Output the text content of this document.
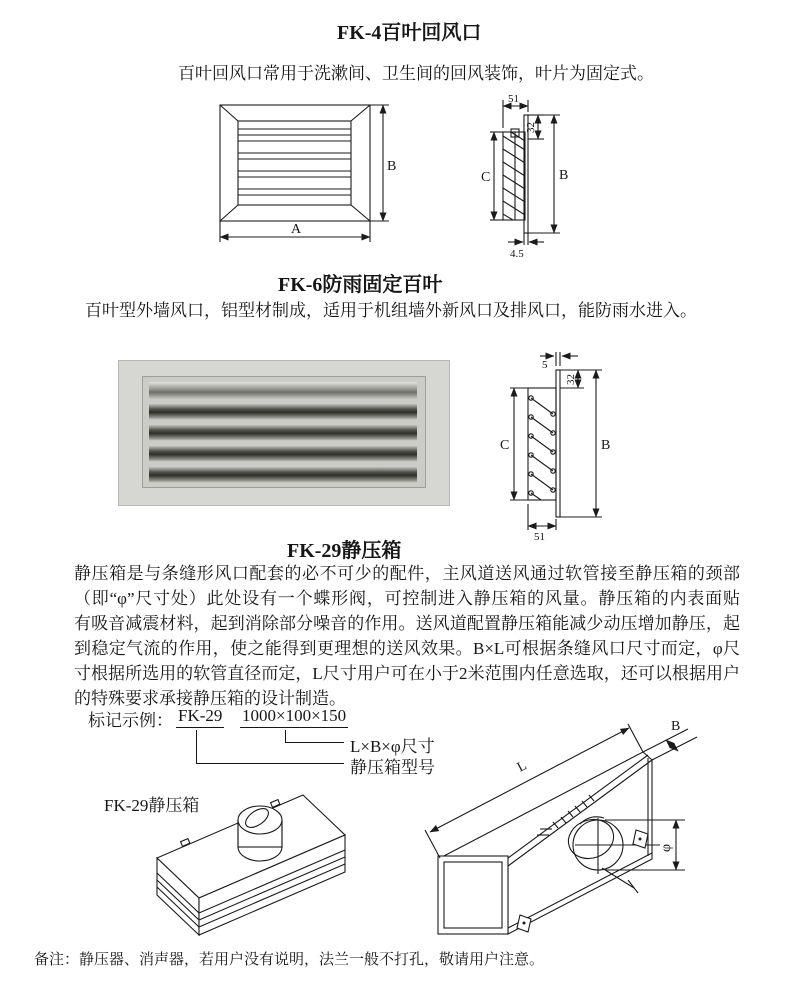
FK-4百叶回风口
百叶回风口常用于洗漱间、卫生间的回风装饰，叶片为固定式。
B
A
51
32
C	B
4.5
FK-6防雨固定百叶
百叶型外墙风口，铝型材制成，适用于机组墙外新风口及排风口，能防雨水进入。
5
32
C	B
51
FK-29静压箱
静压箱是与条缝形风口配套的必不可少的配件，主风道送风通过软管接至静压箱的颈部
（即“φ”尺寸处）此处设有一个蝶形阀，可控制进入静压箱的风量。静压箱的内表面贴
有吸音减震材料，起到消除部分噪音的作用。送风道配置静压箱能减少动压增加静压，起
到稳定气流的作用，使之能得到更理想的送风效果。B×L可根据条缝风口尺寸而定，φ尺
寸根据所选用的软管直径而定，L尺寸用户可在小于2米范围内任意选取，还可以根据用户
的特殊要求承接静压箱的设计制造。
标记示例： FK-29 1000×100×150
L×B×φ尺寸
静压箱型号
FK-29静压箱
L
B
φ
备注：静压器、消声器，若用户没有说明，法兰一般不打孔，敬请用户注意。
